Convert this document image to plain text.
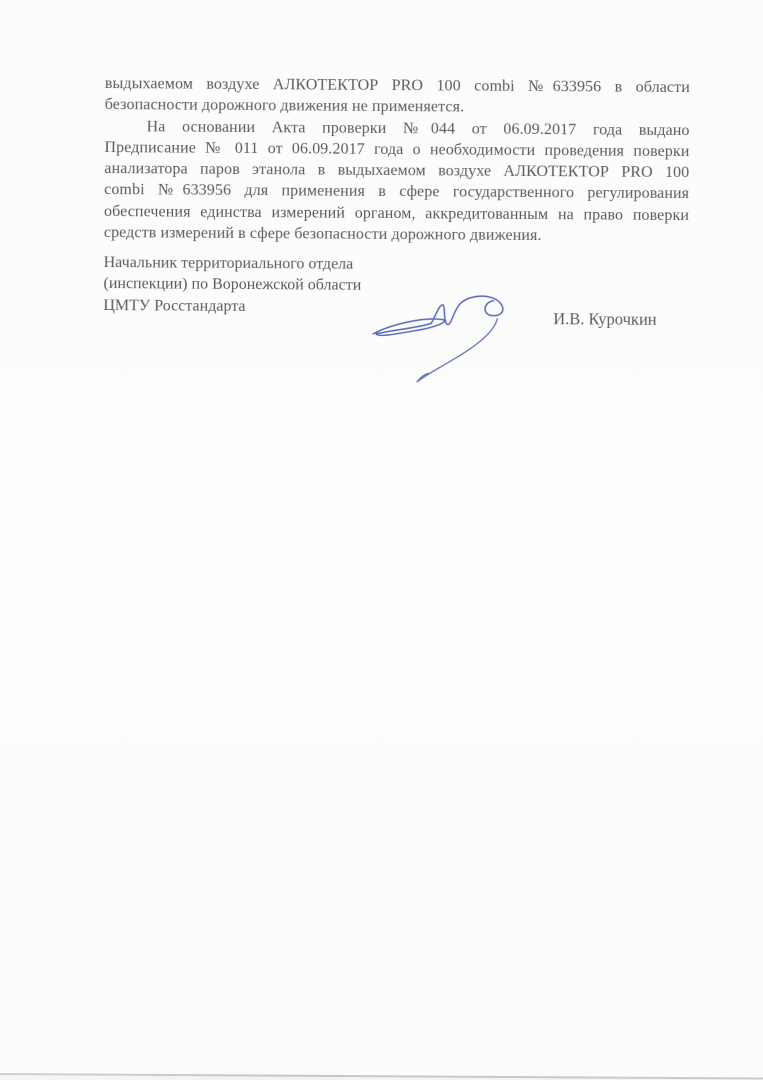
выдыхаемом воздухе АЛКОТЕКТОР PRO 100 combi №633956 в области
безопасности дорожного движения не применяется.
На основании Акта проверки №044 от 06.09.2017 года выдано
Предписание № 011 от 06.09.2017 года о необходимости проведения поверки
анализатора паров этанола в выдыхаемом воздухе АЛКОТЕКТОР PRO 100
combi №633956 для применения в сфере государственного регулирования
обеспечения единства измерений органом, аккредитованным на право поверки
средств измерений в сфере безопасности дорожного движения.
Начальник территориального отдела
(инспекции) по Воронежской области
ЦМТУ Росстандарта
И.В. Курочкин
